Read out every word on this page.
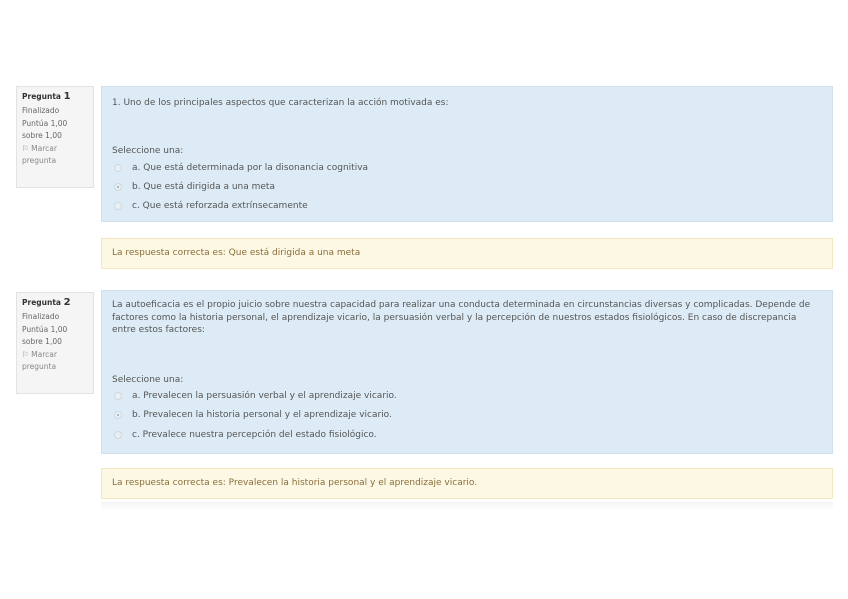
Pregunta 1
Finalizado
Puntúa 1,00 sobre 1,00
⚐ Marcar pregunta
1. Uno de los principales aspectos que caracterizan la acción motivada es:
Seleccione una:
a. Que está determinada por la disonancia cognitiva
b. Que está dirigida a una meta
c. Que está reforzada extrínsecamente
La respuesta correcta es: Que está dirigida a una meta
Pregunta 2
Finalizado
Puntúa 1,00 sobre 1,00
⚐ Marcar pregunta
La autoeficacia es el propio juicio sobre nuestra capacidad para realizar una conducta determinada en circunstancias diversas y complicadas. Depende de factores como la historia personal, el aprendizaje vicario, la persuasión verbal y la percepción de nuestros estados fisiológicos. En caso de discrepancia entre estos factores:
Seleccione una:
a. Prevalecen la persuasión verbal y el aprendizaje vicario.
b. Prevalecen la historia personal y el aprendizaje vicario.
c. Prevalece nuestra percepción del estado fisiológico.
La respuesta correcta es: Prevalecen la historia personal y el aprendizaje vicario.
